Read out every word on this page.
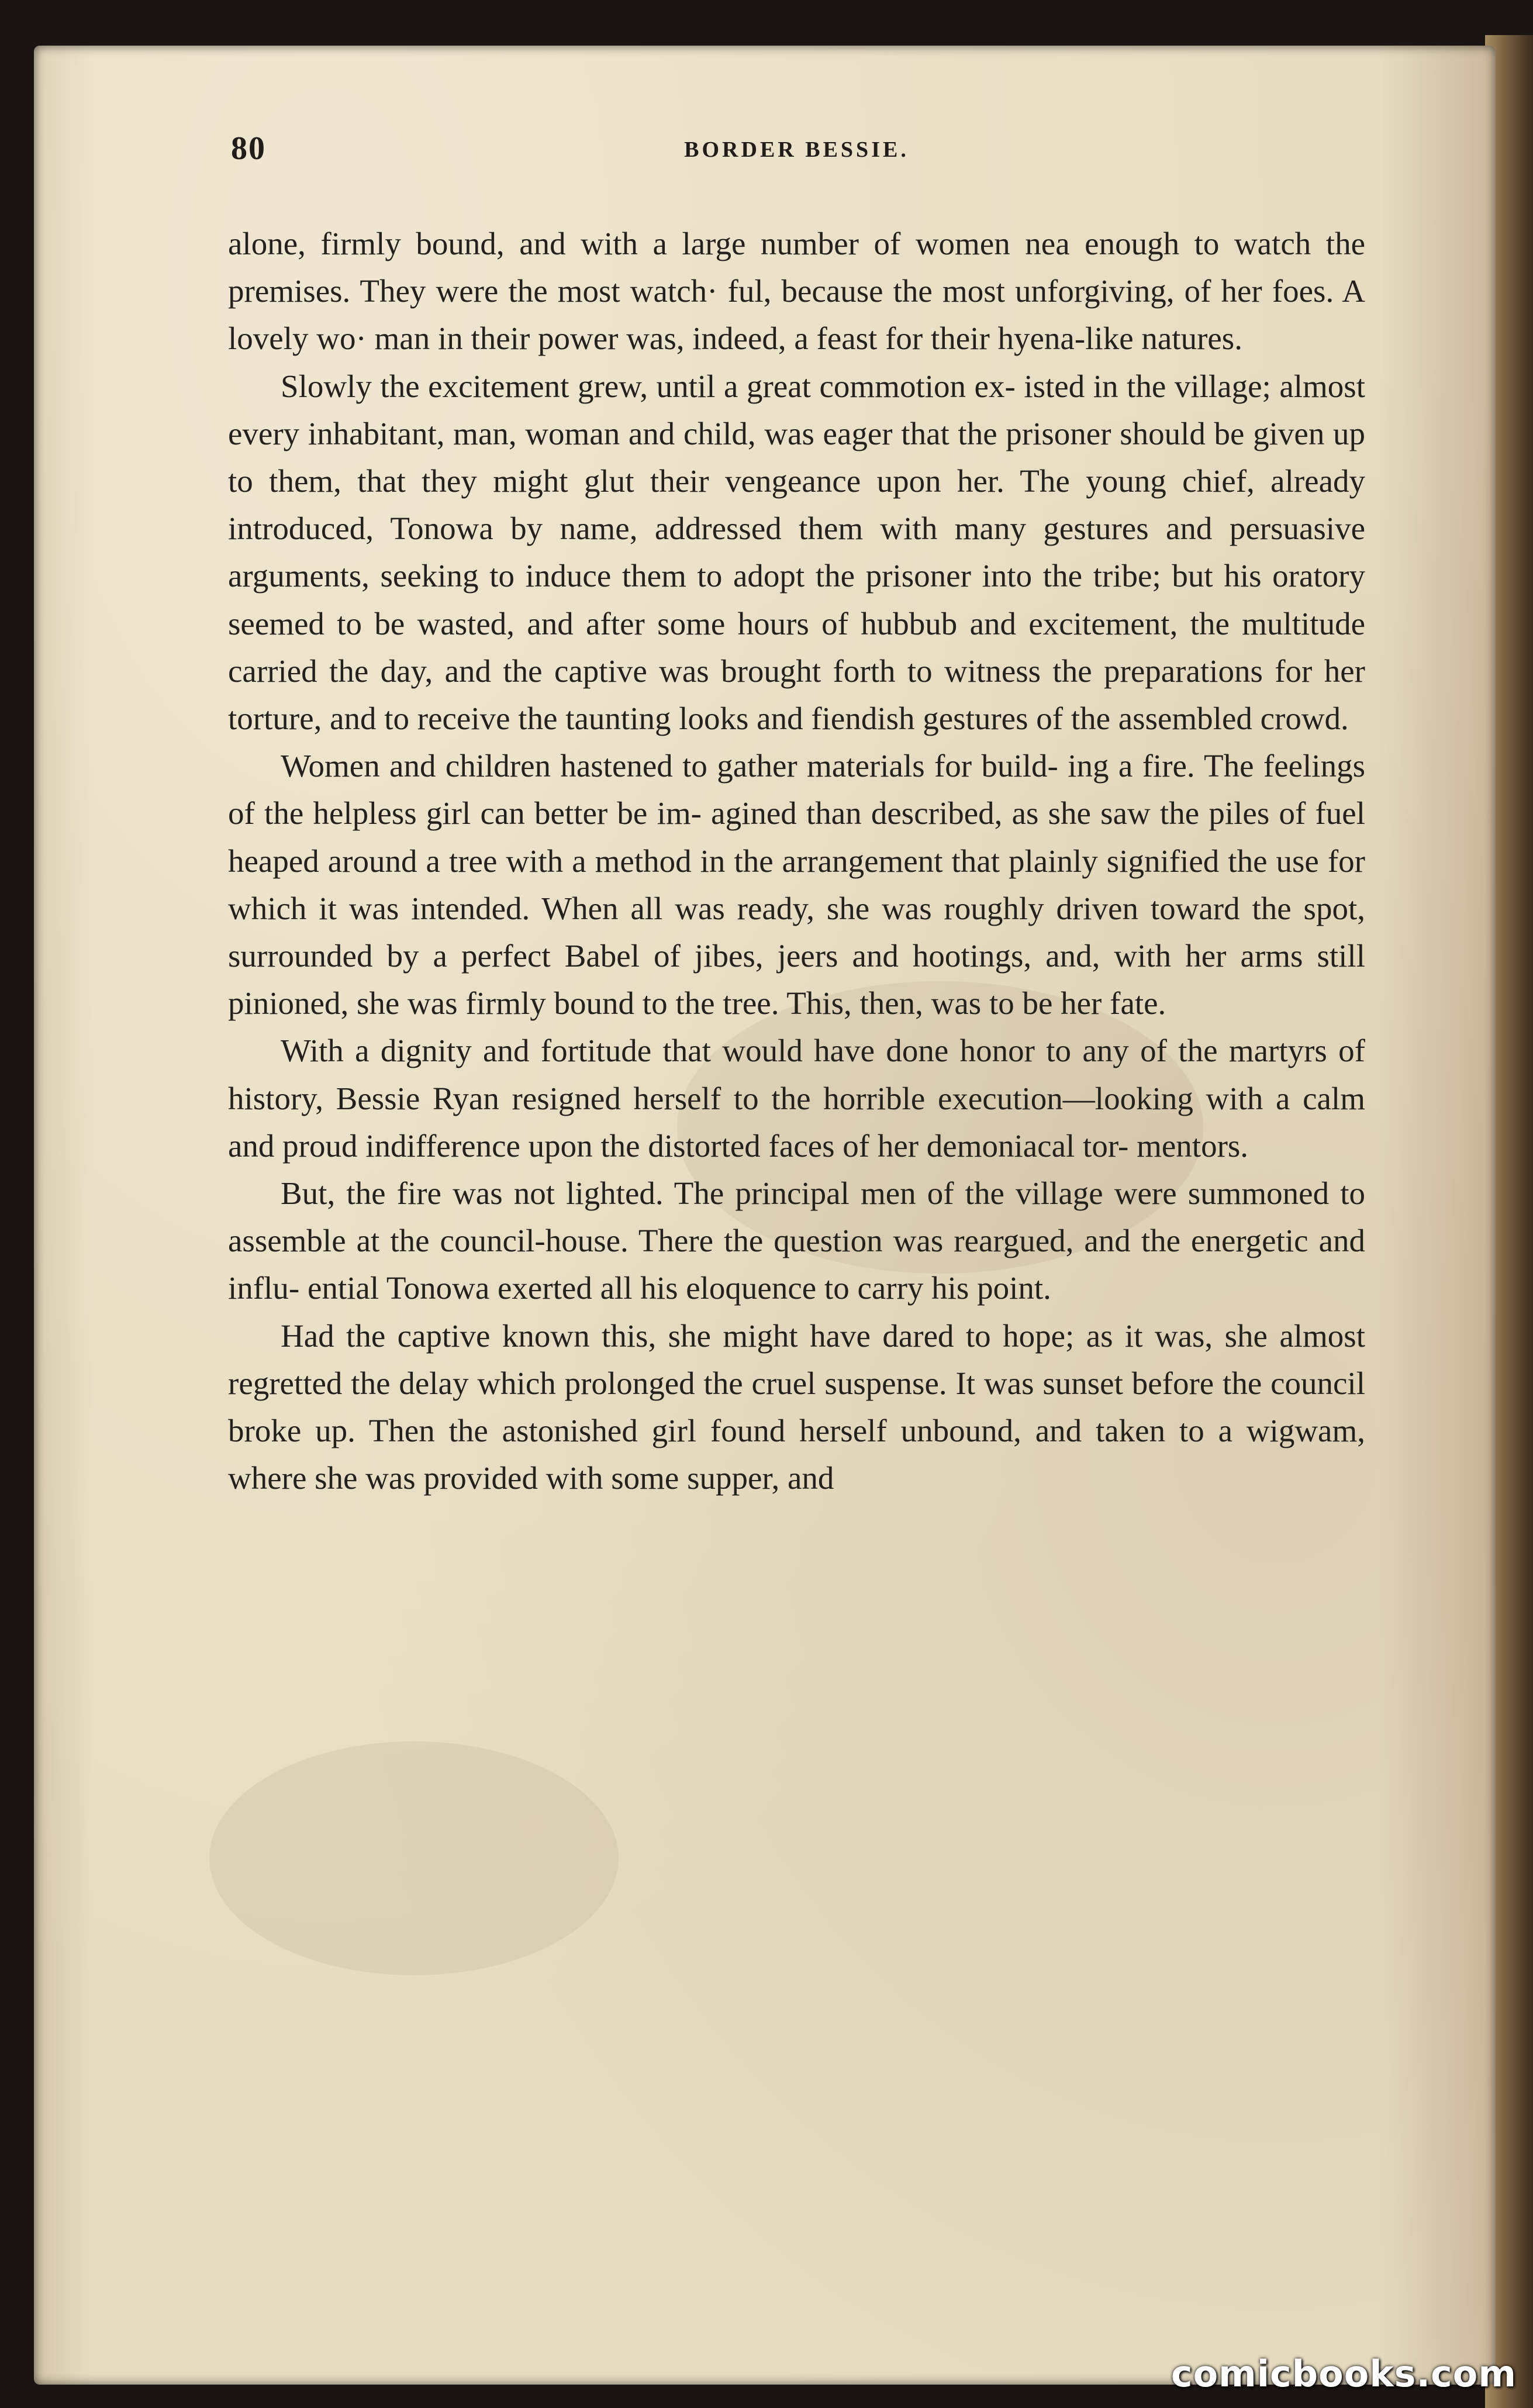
80	BORDER BESSIE.

alone, firmly bound, and with a large number of women nea enough to watch the premises. They were the most watch· ful, because the most unforgiving, of her foes. A lovely wo· man in their power was, indeed, a feast for their hyena-like natures.

Slowly the excitement grew, until a great commotion ex- isted in the village; almost every inhabitant, man, woman and child, was eager that the prisoner should be given up to them, that they might glut their vengeance upon her. The young chief, already introduced, Tonowa by name, addressed them with many gestures and persuasive arguments, seeking to induce them to adopt the prisoner into the tribe; but his oratory seemed to be wasted, and after some hours of hubbub and excitement, the multitude carried the day, and the captive was brought forth to witness the preparations for her torture, and to receive the taunting looks and fiendish gestures of the assembled crowd.

Women and children hastened to gather materials for build- ing a fire. The feelings of the helpless girl can better be im- agined than described, as she saw the piles of fuel heaped around a tree with a method in the arrangement that plainly signified the use for which it was intended. When all was ready, she was roughly driven toward the spot, surrounded by a perfect Babel of jibes, jeers and hootings, and, with her arms still pinioned, she was firmly bound to the tree. This, then, was to be her fate.

With a dignity and fortitude that would have done honor to any of the martyrs of history, Bessie Ryan resigned herself to the horrible execution—looking with a calm and proud indifference upon the distorted faces of her demoniacal tor- mentors.

But, the fire was not lighted. The principal men of the village were summoned to assemble at the council-house. There the question was reargued, and the energetic and influ- ential Tonowa exerted all his eloquence to carry his point.

Had the captive known this, she might have dared to hope; as it was, she almost regretted the delay which prolonged the cruel suspense. It was sunset before the council broke up. Then the astonished girl found herself unbound, and taken to a wigwam, where she was provided with some supper, and

comicbooks.com
